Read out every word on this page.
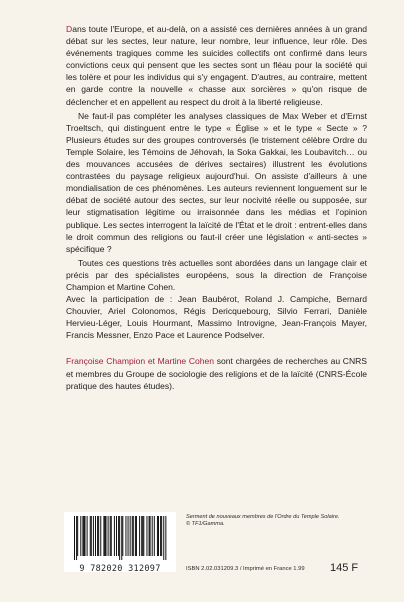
Dans toute l'Europe, et au-delà, on a assisté ces dernières années à un grand débat sur les sectes, leur nature, leur nombre, leur influence, leur rôle. Des événements tragiques comme les suicides collectifs ont confirmé dans leurs convictions ceux qui pensent que les sectes sont un fléau pour la société qui les tolère et pour les individus qui s'y engagent. D'autres, au contraire, mettent en garde contre la nouvelle « chasse aux sorcières » qu'on risque de déclencher et en appellent au respect du droit à la liberté religieuse.

Ne faut-il pas compléter les analyses classiques de Max Weber et d'Ernst Troeltsch, qui distinguent entre le type « Église » et le type « Secte » ? Plusieurs études sur des groupes controversés (le tristement célèbre Ordre du Temple Solaire, les Témoins de Jéhovah, la Soka Gakkai, les Loubavitch… ou des mouvances accusées de dérives sectaires) illustrent les évolutions contrastées du paysage religieux aujourd'hui. On assiste d'ailleurs à une mondialisation de ces phénomènes. Les auteurs reviennent longuement sur le débat de société autour des sectes, sur leur nocivité réelle ou supposée, sur leur stigmatisation légitime ou irraisonnée dans les médias et l'opinion publique. Les sectes interrogent la laïcité de l'État et le droit : entrent-elles dans le droit commun des religions ou faut-il créer une législation « anti-sectes » spécifique ?

Toutes ces questions très actuelles sont abordées dans un langage clair et précis par des spécialistes européens, sous la direction de Françoise Champion et Martine Cohen.

Avec la participation de : Jean Baubérot, Roland J. Campiche, Bernard Chouvier, Ariel Colonomos, Régis Dericquebourg, Silvio Ferrari, Danièle Hervieu-Léger, Louis Hourmant, Massimo Introvigne, Jean-François Mayer, Francis Messner, Enzo Pace et Laurence Podselver.

Françoise Champion et Martine Cohen sont chargées de recherches au CNRS et membres du Groupe de sociologie des religions et de la laïcité (CNRS-École pratique des hautes études).

9 782020 312097
Serment de nouveaux membres de l'Ordre du Temple Solaire.
© TF1/Gamma.
ISBN 2.02.031209.3 / Imprimé en France 1.99 145 F
